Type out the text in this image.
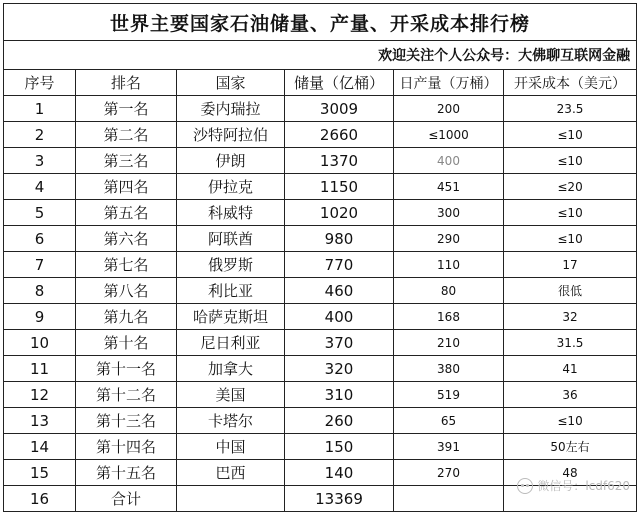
世界主要国家石油储量、产量、开采成本排行榜					
欢迎关注个人公众号：大佛聊互联网金融					
序号	排名	国家	储量（亿桶）	日产量（万桶）	开采成本（美元）
1	第一名	委内瑞拉	3009	200	23.5
2	第二名	沙特阿拉伯	2660	≤1000	≤10
3	第三名	伊朗	1370	400	≤10
4	第四名	伊拉克	1150	451	≤20
5	第五名	科威特	1020	300	≤10
6	第六名	阿联酋	980	290	≤10
7	第七名	俄罗斯	770	110	17
8	第八名	利比亚	460	80	很低
9	第九名	哈萨克斯坦	400	168	32
10	第十名	尼日利亚	370	210	31.5
11	第十一名	加拿大	320	380	41
12	第十二名	美国	310	519	36
13	第十三名	卡塔尔	260	65	≤10
14	第十四名	中国	150	391	50左右
15	第十五名	巴西	140	270	48
16	合计		13369		
微信号：lcdf620
